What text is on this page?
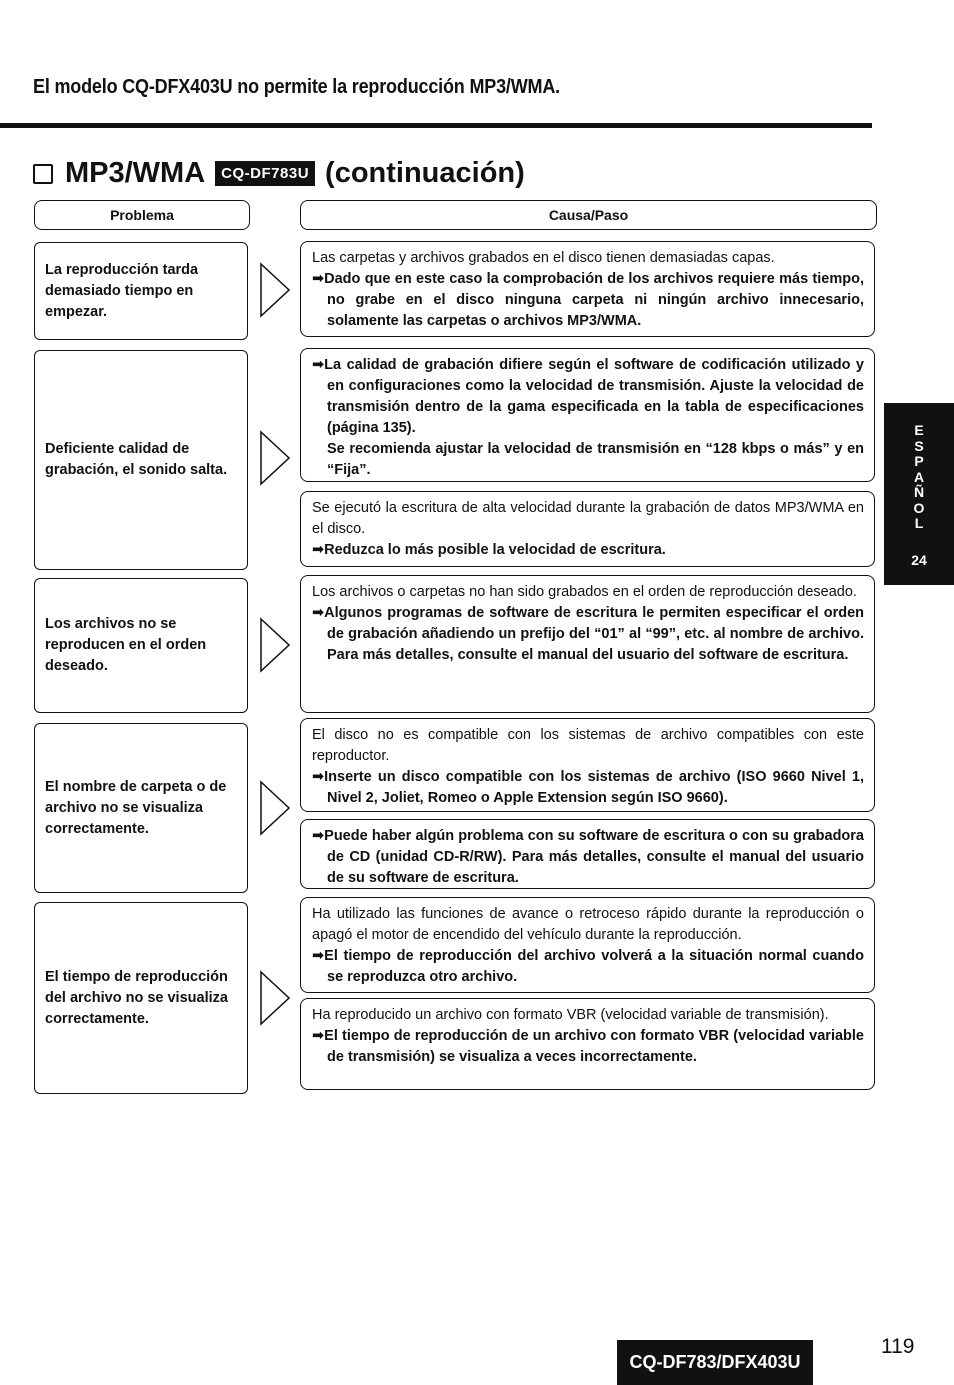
El modelo CQ-DFX403U no permite la reproducción MP3/WMA.
MP3/WMA	CQ-DF783U (continuación)
Problema	Causa/Paso
La reproducción tarda demasiado tiempo en empezar.
Deficiente calidad de grabación, el sonido salta.
Los archivos no se reproducen en el orden deseado.
El nombre de carpeta o de archivo no se visualiza correctamente.
El tiempo de reproducción del archivo no se visualiza correctamente.
Las carpetas y archivos grabados en el disco tienen demasiadas capas.
➡Dado que en este caso la comprobación de los archivos requiere más tiempo, no grabe en el disco ninguna carpeta ni ningún archivo innecesario, solamente las carpetas o archivos MP3/WMA.
➡La calidad de grabación difiere según el software de codificación utilizado y en configuraciones como la velocidad de transmisión. Ajuste la velocidad de transmisión dentro de la gama especificada en la tabla de especificaciones (página 135).
Se recomienda ajustar la velocidad de transmisión en “128 kbps o más” y en “Fija”.
Se ejecutó la escritura de alta velocidad durante la grabación de datos MP3/WMA en el disco.
➡Reduzca lo más posible la velocidad de escritura.
Los archivos o carpetas no han sido grabados en el orden de reproducción deseado.
➡Algunos programas de software de escritura le permiten especificar el orden de grabación añadiendo un prefijo del “01” al “99”, etc. al nombre de archivo. Para más detalles, consulte el manual del usuario del software de escritura.
El disco no es compatible con los sistemas de archivo compatibles con este reproductor.
➡Inserte un disco compatible con los sistemas de archivo (ISO 9660 Nivel 1, Nivel 2, Joliet, Romeo o Apple Extension según ISO 9660).
➡Puede haber algún problema con su software de escritura o con su grabadora de CD (unidad CD-R/RW). Para más detalles, consulte el manual del usuario de su software de escritura.
Ha utilizado las funciones de avance o retroceso rápido durante la reproducción o apagó el motor de encendido del vehículo durante la reproducción.
➡El tiempo de reproducción del archivo volverá a la situación normal cuando se reproduzca otro archivo.
Ha reproducido un archivo con formato VBR (velocidad variable de transmisión).
➡El tiempo de reproducción de un archivo con formato VBR (velocidad variable de transmisión) se visualiza a veces incorrectamente.
ESPAÑOL
24
CQ-DF783/DFX403U
119
